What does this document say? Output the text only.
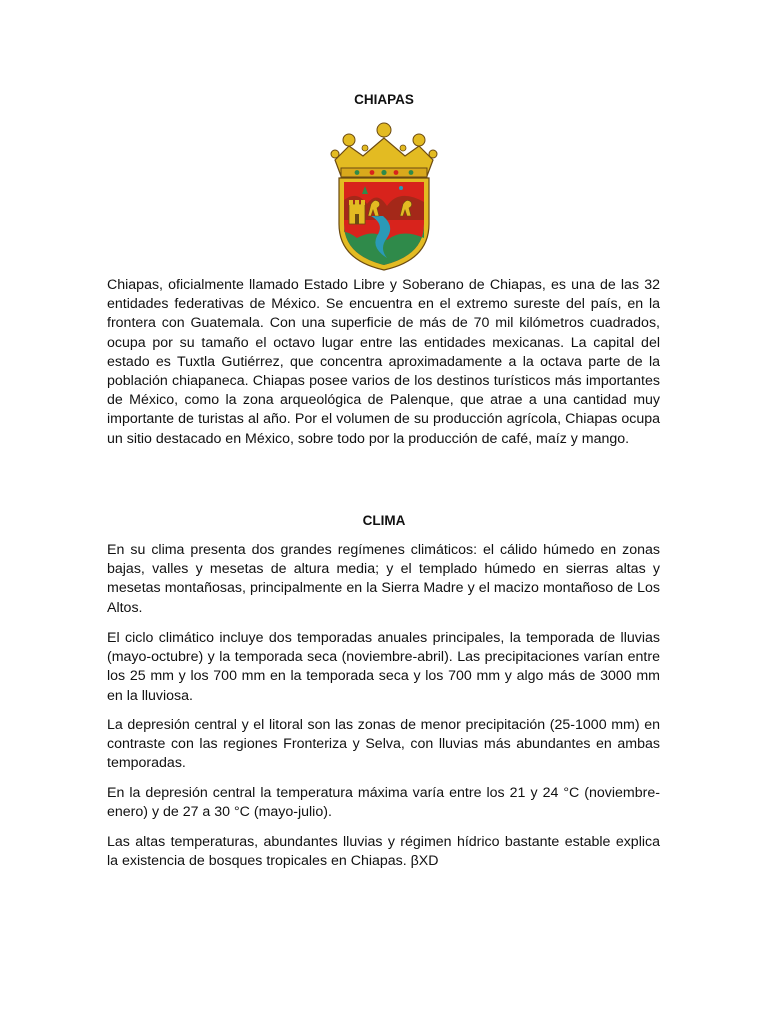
CHIAPAS

Chiapas, oficialmente llamado Estado Libre y Soberano de Chiapas, es una de las 32 entidades federativas de México. Se encuentra en el extremo sureste del país, en la frontera con Guatemala. Con una superficie de más de 70 mil kilómetros cuadrados, ocupa por su tamaño el octavo lugar entre las entidades mexicanas. La capital del estado es Tuxtla Gutiérrez, que concentra aproximadamente a la octava parte de la población chiapaneca. Chiapas posee varios de los destinos turísticos más importantes de México, como la zona arqueológica de Palenque, que atrae a una cantidad muy importante de turistas al año. Por el volumen de su producción agrícola, Chiapas ocupa un sitio destacado en México, sobre todo por la producción de café, maíz y mango.

CLIMA

En su clima presenta dos grandes regímenes climáticos: el cálido húmedo en zonas bajas, valles y mesetas de altura media; y el templado húmedo en sierras altas y mesetas montañosas, principalmente en la Sierra Madre y el macizo montañoso de Los Altos.

El ciclo climático incluye dos temporadas anuales principales, la temporada de lluvias (mayo-octubre) y la temporada seca (noviembre-abril). Las precipitaciones varían entre los 25 mm y los 700 mm en la temporada seca y los 700 mm y algo más de 3000 mm en la lluviosa.

La depresión central y el litoral son las zonas de menor precipitación (25-1000 mm) en contraste con las regiones Fronteriza y Selva, con lluvias más abundantes en ambas temporadas.

En la depresión central la temperatura máxima varía entre los 21 y 24 °C (noviembre-enero) y de 27 a 30 °C (mayo-julio).

Las altas temperaturas, abundantes lluvias y régimen hídrico bastante estable explica la existencia de bosques tropicales en Chiapas. βXD
